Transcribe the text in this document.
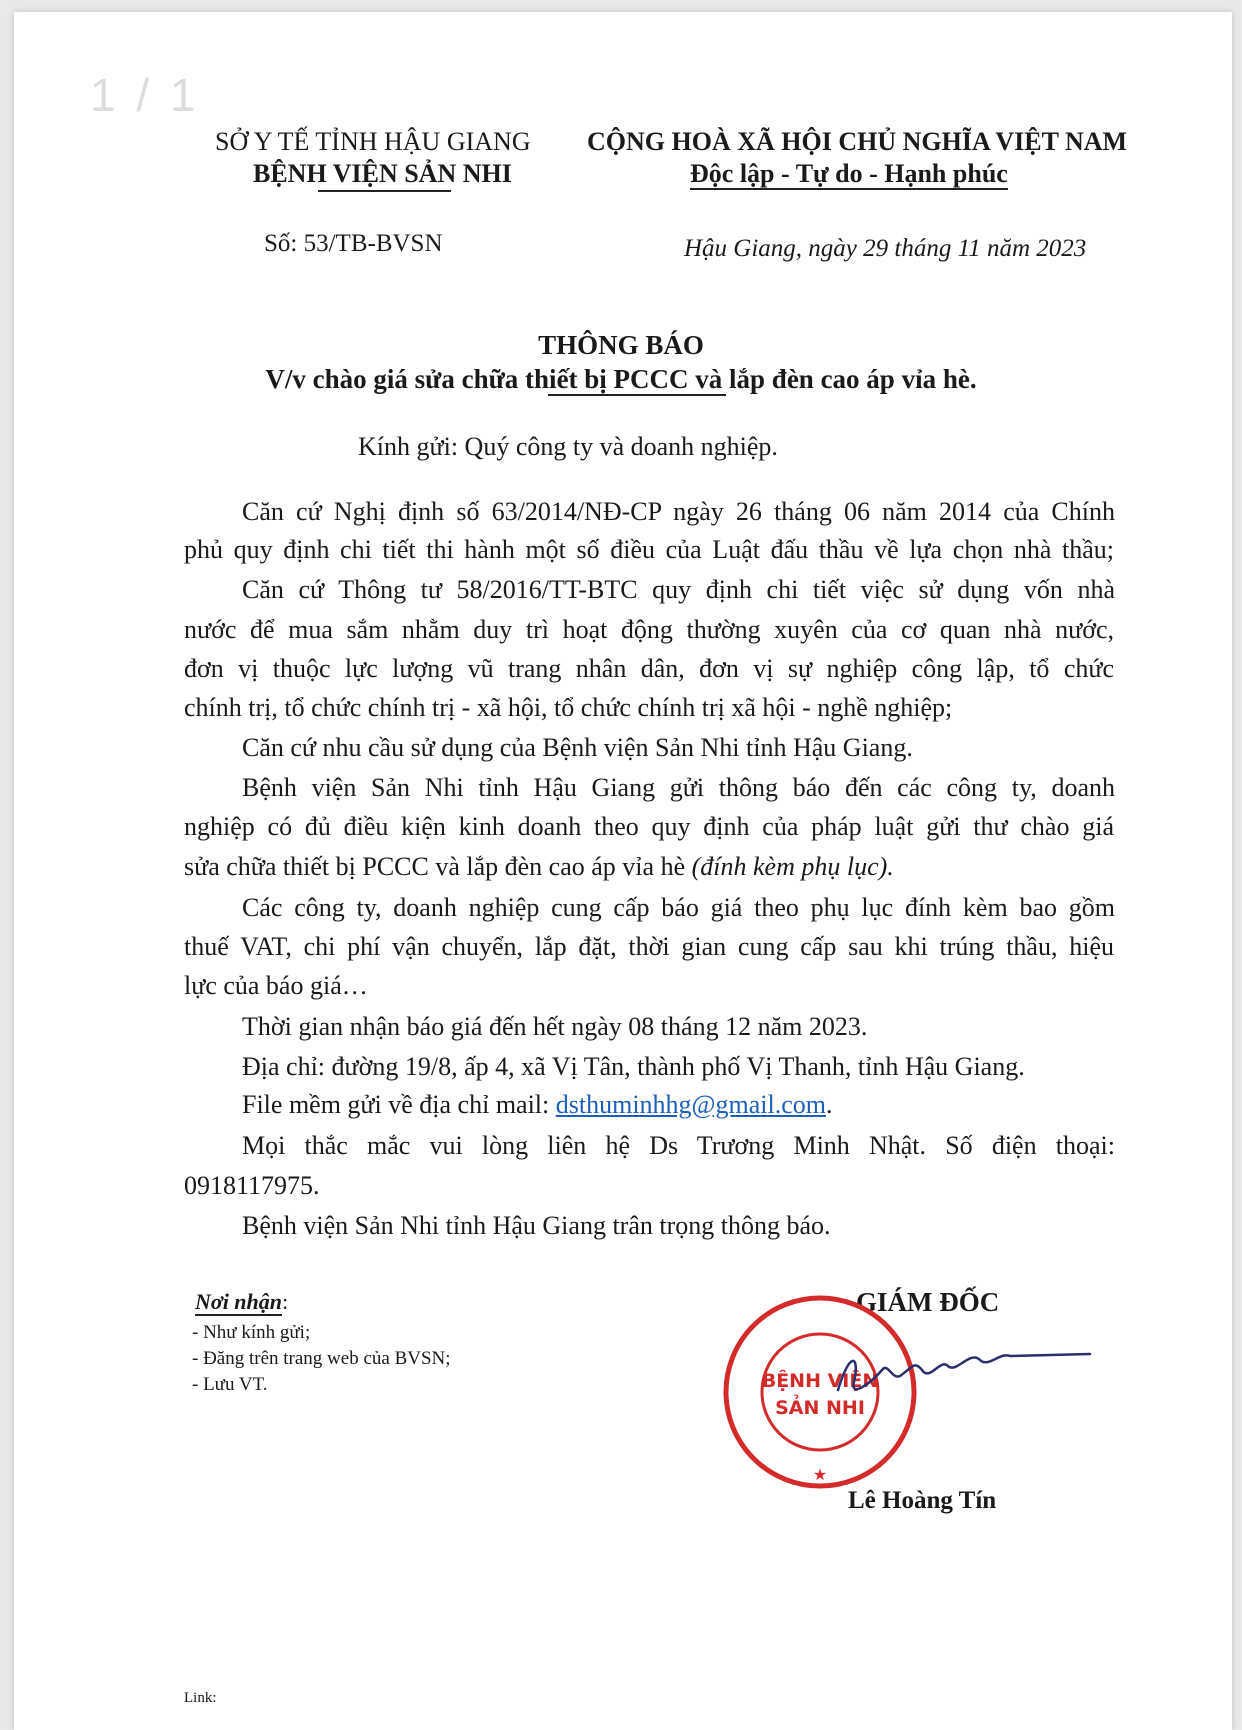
1 / 1
SỞ Y TẾ TỈNH HẬU GIANG
BỆNH VIỆN SẢN NHI
CỘNG HOÀ XÃ HỘI CHỦ NGHĨA VIỆT NAM
Độc lập - Tự do - Hạnh phúc
Số: 53/TB-BVSN	Hậu Giang, ngày 29 tháng 11 năm 2023
THÔNG BÁO
V/v chào giá sửa chữa thiết bị PCCC và lắp đèn cao áp vỉa hè.
Kính gửi: Quý công ty và doanh nghiệp.
Căn cứ Nghị định số 63/2014/NĐ-CP ngày 26 tháng 06 năm 2014 của Chính
phủ quy định chi tiết thi hành một số điều của Luật đấu thầu về lựa chọn nhà thầu;
Căn cứ Thông tư 58/2016/TT-BTC quy định chi tiết việc sử dụng vốn nhà
nước để mua sắm nhằm duy trì hoạt động thường xuyên của cơ quan nhà nước,
đơn vị thuộc lực lượng vũ trang nhân dân, đơn vị sự nghiệp công lập, tổ chức
chính trị, tổ chức chính trị - xã hội, tổ chức chính trị xã hội - nghề nghiệp;
Căn cứ nhu cầu sử dụng của Bệnh viện Sản Nhi tỉnh Hậu Giang.
Bệnh viện Sản Nhi tỉnh Hậu Giang gửi thông báo đến các công ty, doanh
nghiệp có đủ điều kiện kinh doanh theo quy định của pháp luật gửi thư chào giá
sửa chữa thiết bị PCCC và lắp đèn cao áp vỉa hè (đính kèm phụ lục).
Các công ty, doanh nghiệp cung cấp báo giá theo phụ lục đính kèm bao gồm
thuế VAT, chi phí vận chuyển, lắp đặt, thời gian cung cấp sau khi trúng thầu, hiệu
lực của báo giá…
Thời gian nhận báo giá đến hết ngày 08 tháng 12 năm 2023.
Địa chỉ: đường 19/8, ấp 4, xã Vị Tân, thành phố Vị Thanh, tỉnh Hậu Giang.
File mềm gửi về địa chỉ mail: dsthuminhhg@gmail.com.
Mọi thắc mắc vui lòng liên hệ Ds Trương Minh Nhật. Số điện thoại:
0918117975.
Bệnh viện Sản Nhi tỉnh Hậu Giang trân trọng thông báo.
Nơi nhận:
- Như kính gửi;
- Đăng trên trang web của BVSN;
- Lưu VT.
GIÁM ĐỐC
BỆNH VIỆN
SẢN NHI
★
Lê Hoàng Tín
Link:
